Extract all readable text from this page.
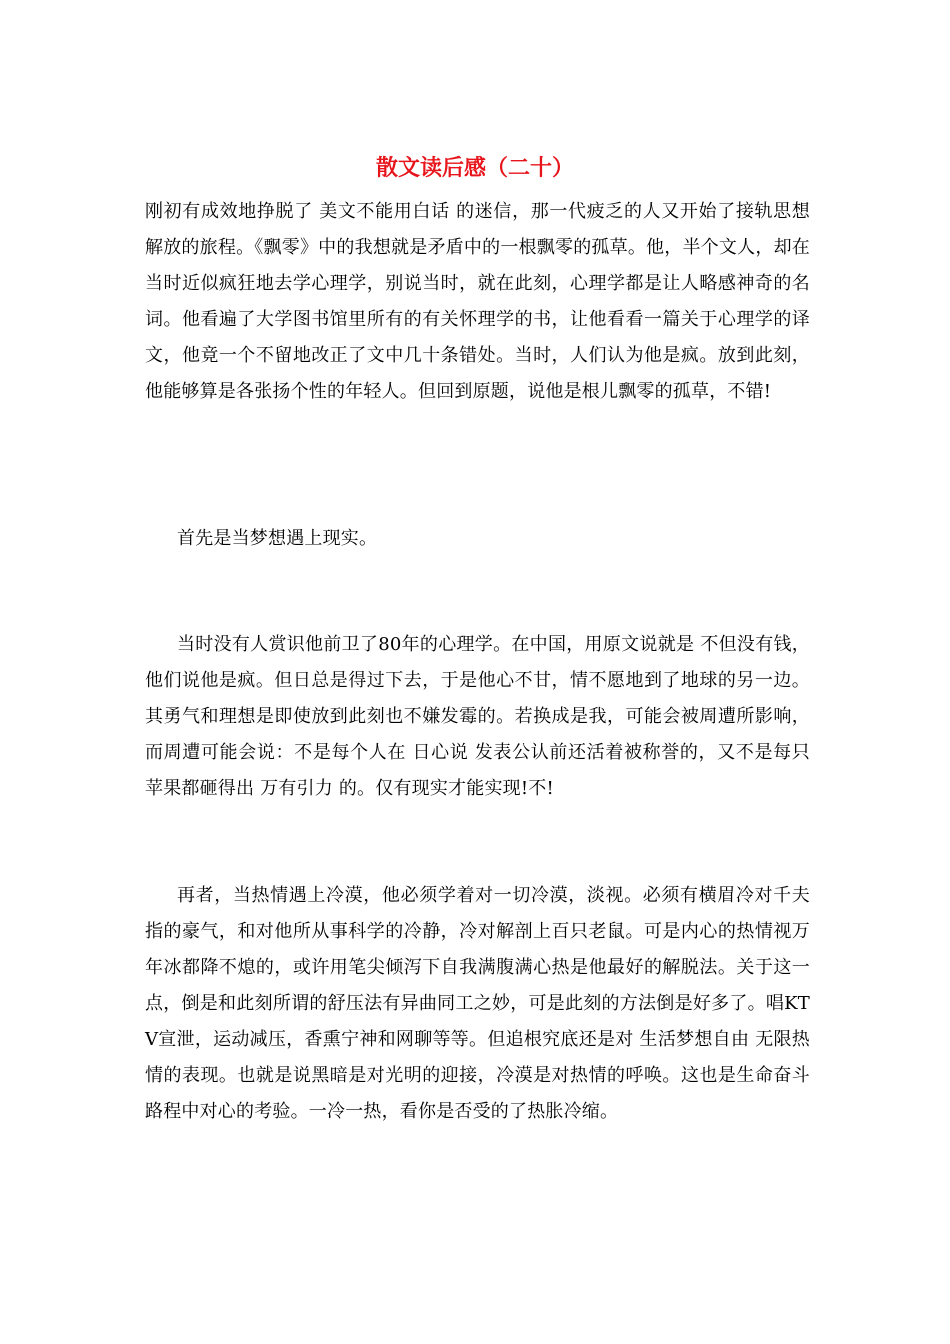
散文读后感（二十）

刚初有成效地挣脱了 美文不能用白话 的迷信，那一代疲乏的人又开始了接轨思想解放的旅程。《飘零》中的我想就是矛盾中的一根飘零的孤草。他，半个文人，却在当时近似疯狂地去学心理学，别说当时，就在此刻，心理学都是让人略感神奇的名词。他看遍了大学图书馆里所有的有关怀理学的书，让他看看一篇关于心理学的译文，他竟一个不留地改正了文中几十条错处。当时，人们认为他是疯。放到此刻，他能够算是各张扬个性的年轻人。但回到原题，说他是根儿飘零的孤草，不错!

首先是当梦想遇上现实。

当时没有人赏识他前卫了80年的心理学。在中国，用原文说就是 不但没有钱，他们说他是疯。但日总是得过下去，于是他心不甘，情不愿地到了地球的另一边。其勇气和理想是即使放到此刻也不嫌发霉的。若换成是我，可能会被周遭所影响，而周遭可能会说：不是每个人在 日心说 发表公认前还活着被称誉的，又不是每只苹果都砸得出 万有引力 的。仅有现实才能实现!不!

再者，当热情遇上冷漠，他必须学着对一切冷漠，淡视。必须有横眉冷对千夫指的豪气，和对他所从事科学的冷静，冷对解剖上百只老鼠。可是内心的热情视万年冰都降不熄的，或许用笔尖倾泻下自我满腹满心热是他最好的解脱法。关于这一点，倒是和此刻所谓的舒压法有异曲同工之妙，可是此刻的方法倒是好多了。唱KTV宣泄，运动减压，香熏宁神和网聊等等。但追根究底还是对 生活梦想自由 无限热情的表现。也就是说黑暗是对光明的迎接，冷漠是对热情的呼唤。这也是生命奋斗路程中对心的考验。一冷一热，看你是否受的了热胀冷缩。
